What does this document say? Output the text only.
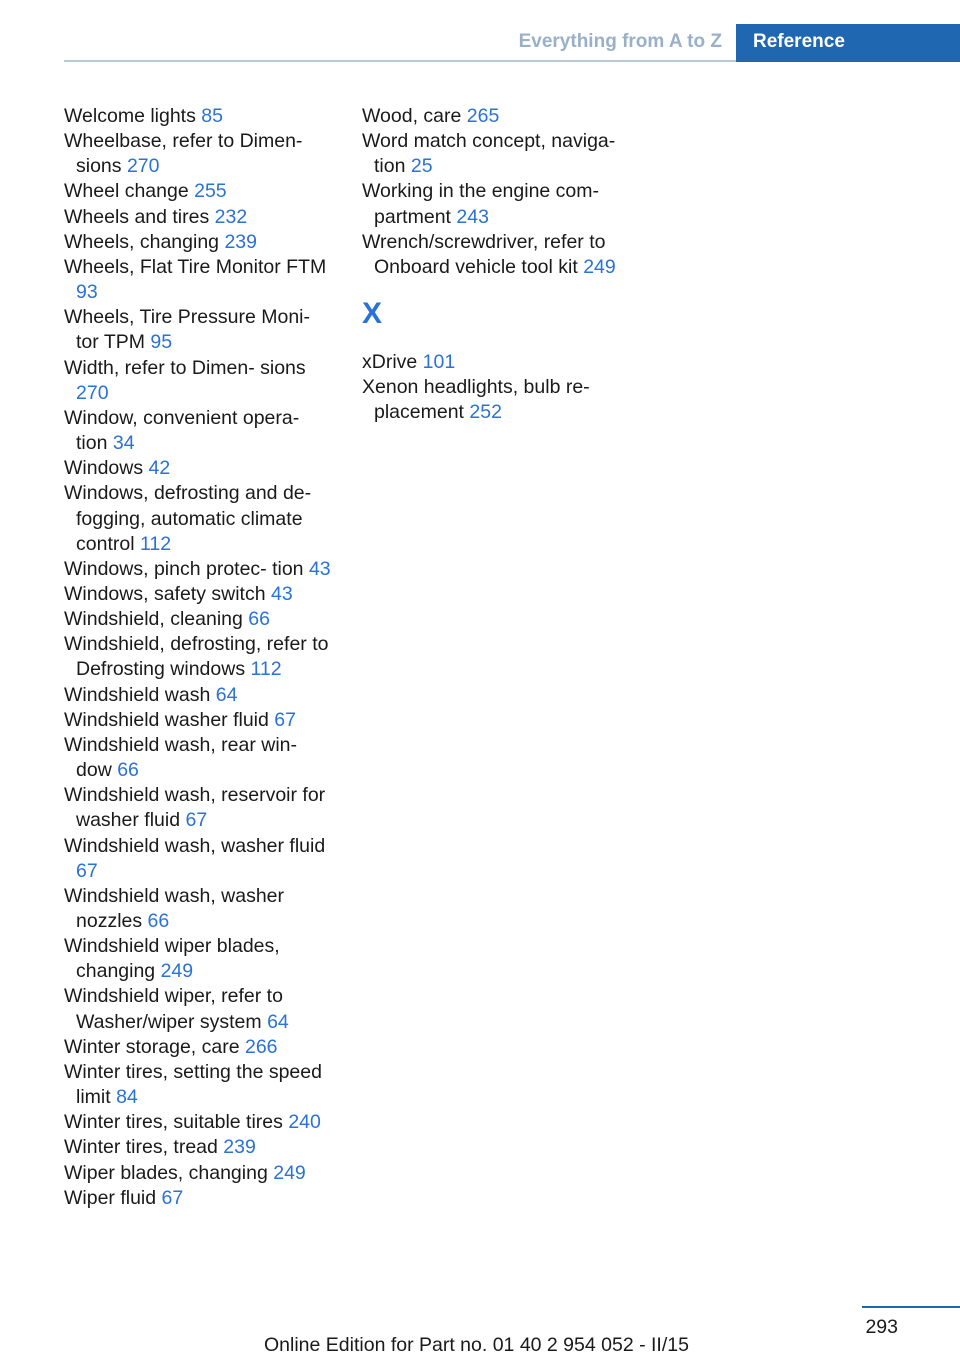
Everything from A to Z	Reference
Welcome lights 85
Wheelbase, refer to Dimen- sions 270
Wheel change 255
Wheels and tires 232
Wheels, changing 239
Wheels, Flat Tire Monitor FTM 93
Wheels, Tire Pressure Moni- tor TPM 95
Width, refer to Dimen- sions 270
Window, convenient opera- tion 34
Windows 42
Windows, defrosting and de- fogging, automatic climate control 112
Windows, pinch protec- tion 43
Windows, safety switch 43
Windshield, cleaning 66
Windshield, defrosting, refer to Defrosting windows 112
Windshield wash 64
Windshield washer fluid 67
Windshield wash, rear win- dow 66
Windshield wash, reservoir for washer fluid 67
Windshield wash, washer fluid 67
Windshield wash, washer nozzles 66
Windshield wiper blades, changing 249
Windshield wiper, refer to Washer/wiper system 64
Winter storage, care 266
Winter tires, setting the speed limit 84
Winter tires, suitable tires 240
Winter tires, tread 239
Wiper blades, changing 249
Wiper fluid 67
Wood, care 265
Word match concept, naviga- tion 25
Working in the engine com- partment 243
Wrench/screwdriver, refer to Onboard vehicle tool kit 249
X
xDrive 101
Xenon headlights, bulb re- placement 252
293
Online Edition for Part no. 01 40 2 954 052 - II/15
